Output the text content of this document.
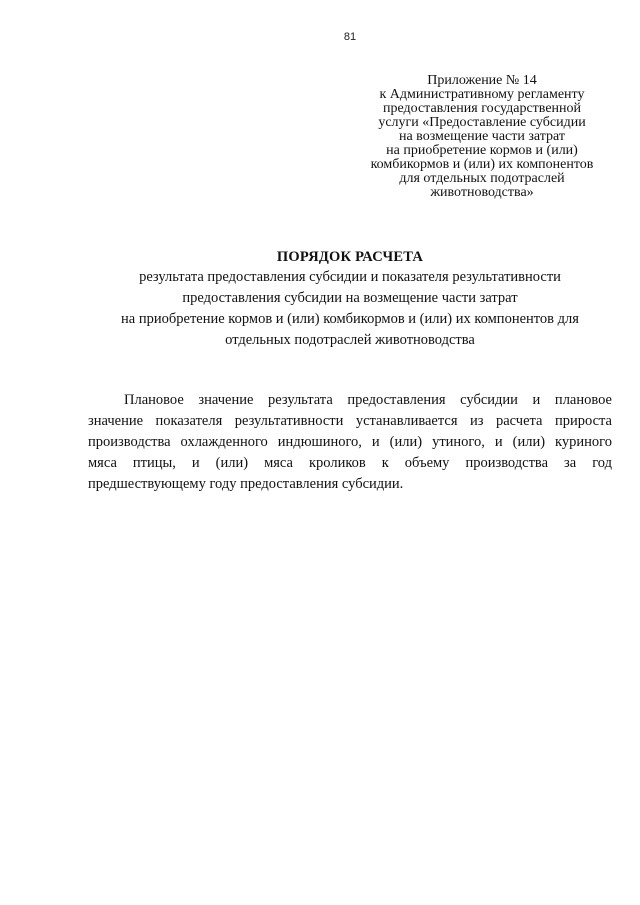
81
Приложение № 14
к Административному регламенту
предоставления государственной
услуги «Предоставление субсидии
на возмещение части затрат
на приобретение кормов и (или)
комбикормов и (или) их компонентов
для отдельных подотраслей
животноводства»
ПОРЯДОК РАСЧЕТА
результата предоставления субсидии и показателя результативности
предоставления субсидии на возмещение части затрат
на приобретение кормов и (или) комбикормов и (или) их компонентов для
отдельных подотраслей животноводства
Плановое значение результата предоставления субсидии и плановое
значение показателя результативности устанавливается из расчета прироста
производства охлажденного индюшиного, и (или) утиного, и (или) куриного
мяса птицы, и (или) мяса кроликов к объему производства за год
предшествующему году предоставления субсидии.
